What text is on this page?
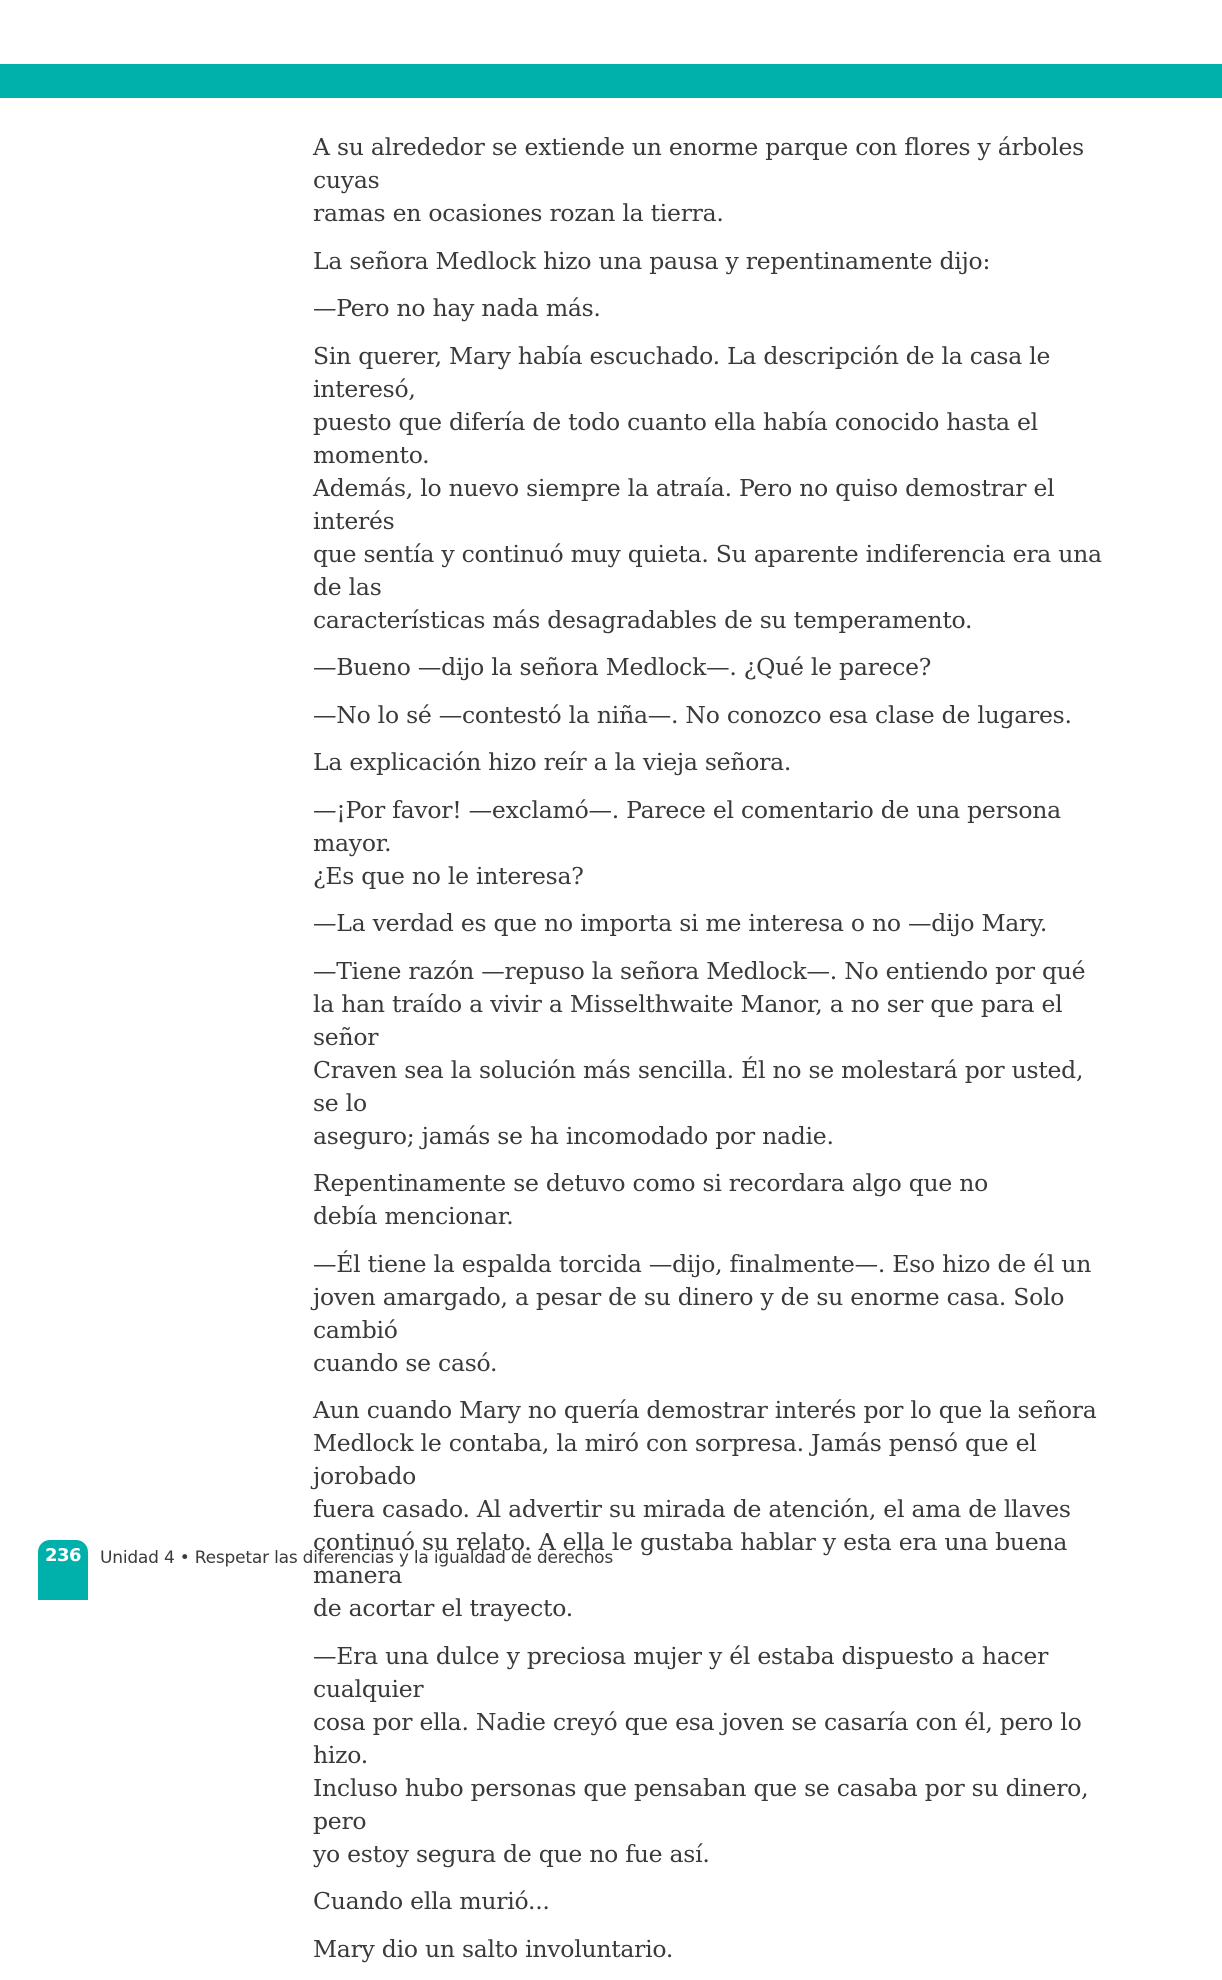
A su alrededor se extiende un enorme parque con flores y árboles cuyas
ramas en ocasiones rozan la tierra.

La señora Medlock hizo una pausa y repentinamente dijo:

—Pero no hay nada más.

Sin querer, Mary había escuchado. La descripción de la casa le interesó,
puesto que difería de todo cuanto ella había conocido hasta el momento.
Además, lo nuevo siempre la atraía. Pero no quiso demostrar el interés
que sentía y continuó muy quieta. Su aparente indiferencia era una de las
características más desagradables de su temperamento.

—Bueno —dijo la señora Medlock—. ¿Qué le parece?

—No lo sé —contestó la niña—. No conozco esa clase de lugares.

La explicación hizo reír a la vieja señora.

—¡Por favor! —exclamó—. Parece el comentario de una persona mayor.
¿Es que no le interesa?

—La verdad es que no importa si me interesa o no —dijo Mary.

—Tiene razón —repuso la señora Medlock—. No entiendo por qué
la han traído a vivir a Misselthwaite Manor, a no ser que para el señor
Craven sea la solución más sencilla. Él no se molestará por usted, se lo
aseguro; jamás se ha incomodado por nadie.

Repentinamente se detuvo como si recordara algo que no
debía mencionar.

—Él tiene la espalda torcida —dijo, finalmente—. Eso hizo de él un
joven amargado, a pesar de su dinero y de su enorme casa. Solo cambió
cuando se casó.

Aun cuando Mary no quería demostrar interés por lo que la señora
Medlock le contaba, la miró con sorpresa. Jamás pensó que el jorobado
fuera casado. Al advertir su mirada de atención, el ama de llaves
continuó su relato. A ella le gustaba hablar y esta era una buena manera
de acortar el trayecto.

—Era una dulce y preciosa mujer y él estaba dispuesto a hacer cualquier
cosa por ella. Nadie creyó que esa joven se casaría con él, pero lo hizo.
Incluso hubo personas que pensaban que se casaba por su dinero, pero
yo estoy segura de que no fue así.

Cuando ella murió...

Mary dio un salto involuntario.

236	Unidad 4 • Respetar las diferencias y la igualdad de derechos
